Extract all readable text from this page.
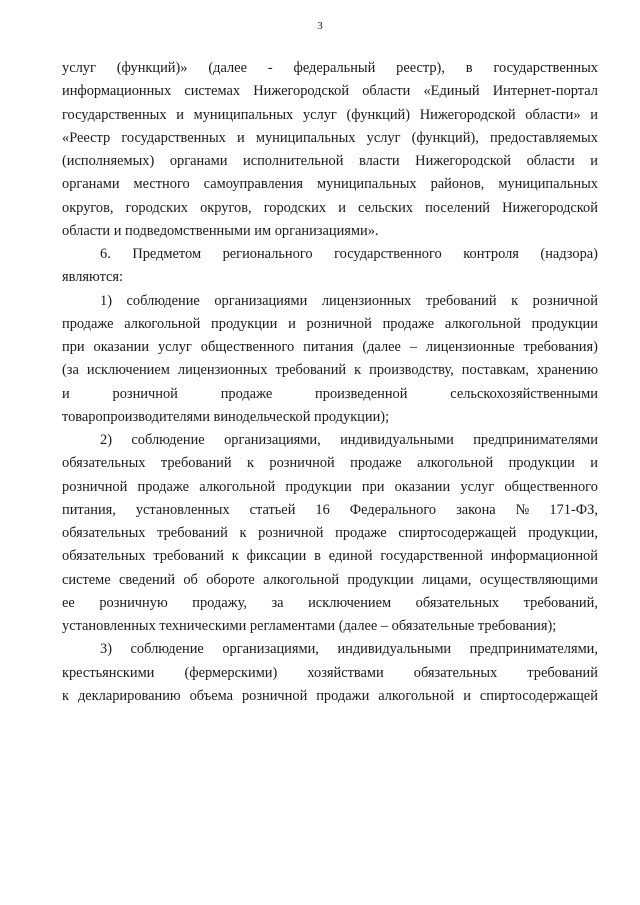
3
услуг (функций)» (далее - федеральный реестр), в государственных
информационных системах Нижегородской области «Единый Интернет-портал
государственных и муниципальных услуг (функций) Нижегородской области» и
«Реестр государственных и муниципальных услуг (функций), предоставляемых
(исполняемых) органами исполнительной власти Нижегородской области и
органами местного самоуправления муниципальных районов, муниципальных
округов, городских округов, городских и сельских поселений Нижегородской
области и подведомственными им организациями».
6. Предметом регионального государственного контроля (надзора)
являются:
1) соблюдение организациями лицензионных требований к розничной
продаже алкогольной продукции и розничной продаже алкогольной продукции
при оказании услуг общественного питания (далее – лицензионные требования)
(за исключением лицензионных требований к производству, поставкам, хранению
и	розничной	продаже	произведенной	сельскохозяйственными
товаропроизводителями винодельческой продукции);
2) соблюдение организациями, индивидуальными предпринимателями
обязательных требований к розничной продаже алкогольной продукции и
розничной продаже алкогольной продукции при оказании услуг общественного
питания, установленных статьей 16 Федерального закона № 171-ФЗ,
обязательных требований к розничной продаже спиртосодержащей продукции,
обязательных требований к фиксации в единой государственной информационной
системе сведений об обороте алкогольной продукции лицами, осуществляющими
ее розничную продажу, за исключением обязательных требований,
установленных техническими регламентами (далее – обязательные требования);
3) соблюдение организациями, индивидуальными предпринимателями,
крестьянскими (фермерскими) хозяйствами обязательных требований
к декларированию объема розничной продажи алкогольной и спиртосодержащей
